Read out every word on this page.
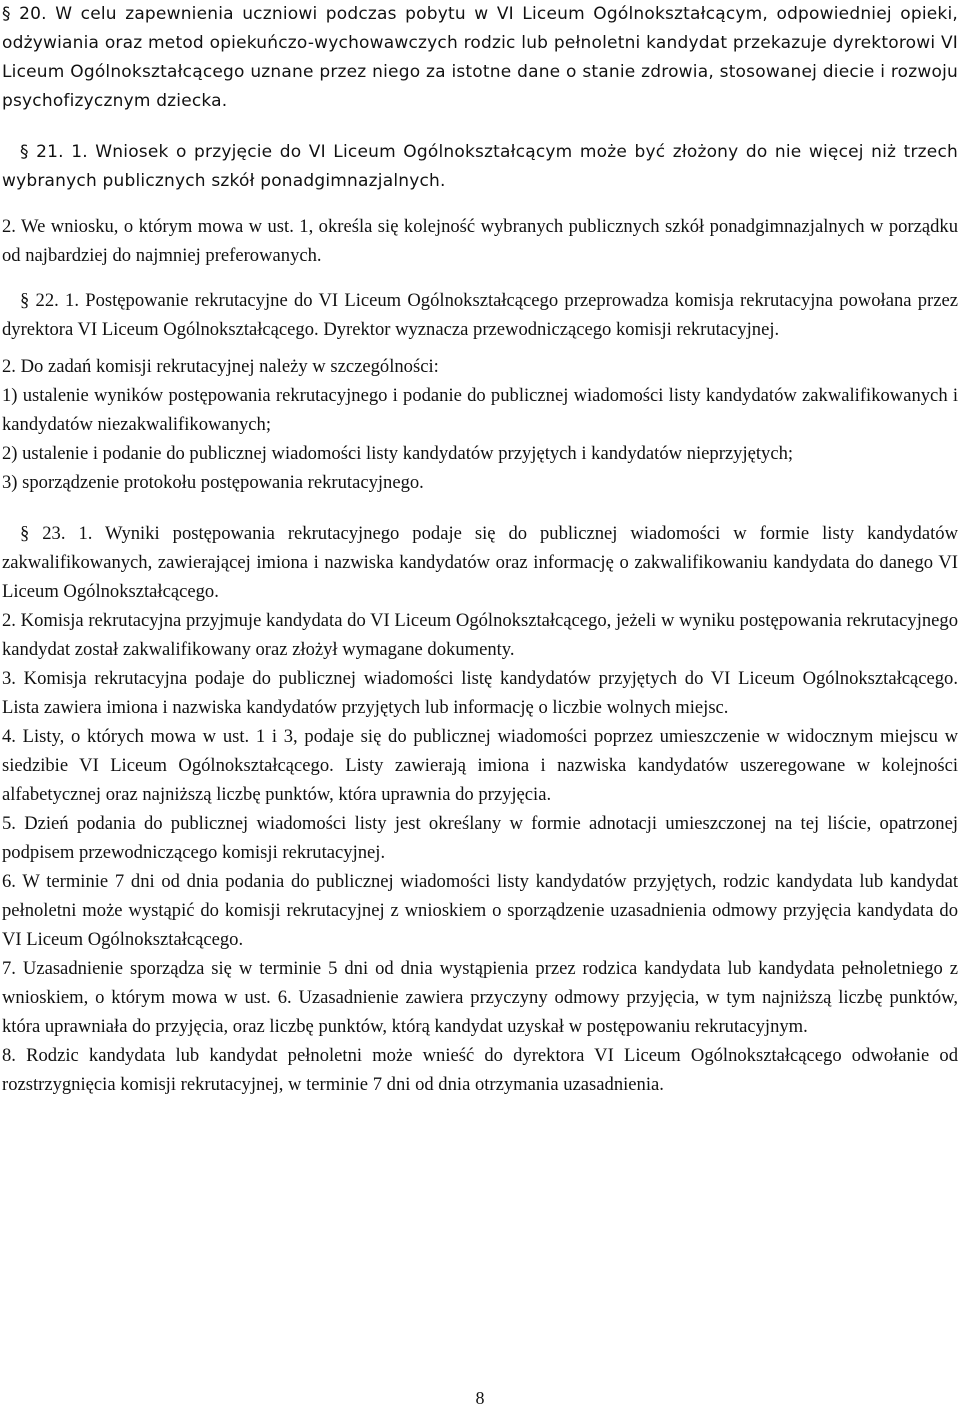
§ 20. W celu zapewnienia uczniowi podczas pobytu w VI Liceum Ogólnokształcącym, odpowiedniej opieki, odżywiania oraz metod opiekuńczo-wychowawczych rodzic lub pełnoletni kandydat przekazuje dyrektorowi VI Liceum Ogólnokształcącego uznane przez niego za istotne dane o stanie zdrowia, stosowanej diecie i rozwoju psychofizycznym dziecka.

§ 21. 1. Wniosek o przyjęcie do VI Liceum Ogólnokształcącym może być złożony do nie więcej niż trzech wybranych publicznych szkół ponadgimnazjalnych.

2. We wniosku, o którym mowa w ust. 1, określa się kolejność wybranych publicznych szkół ponadgimnazjalnych w porządku od najbardziej do najmniej preferowanych.

§ 22. 1. Postępowanie rekrutacyjne do VI Liceum Ogólnokształcącego przeprowadza komisja rekrutacyjna powołana przez dyrektora VI Liceum Ogólnokształcącego. Dyrektor wyznacza przewodniczącego komisji rekrutacyjnej.

2. Do zadań komisji rekrutacyjnej należy w szczególności:

1) ustalenie wyników postępowania rekrutacyjnego i podanie do publicznej wiadomości listy kandydatów zakwalifikowanych i kandydatów niezakwalifikowanych;

2) ustalenie i podanie do publicznej wiadomości listy kandydatów przyjętych i kandydatów nieprzyjętych;

3) sporządzenie protokołu postępowania rekrutacyjnego.

§ 23. 1. Wyniki postępowania rekrutacyjnego podaje się do publicznej wiadomości w formie listy kandydatów zakwalifikowanych, zawierającej imiona i nazwiska kandydatów oraz informację o zakwalifikowaniu kandydata do danego VI Liceum Ogólnokształcącego.

2. Komisja rekrutacyjna przyjmuje kandydata do VI Liceum Ogólnokształcącego, jeżeli w wyniku postępowania rekrutacyjnego kandydat został zakwalifikowany oraz złożył wymagane dokumenty.

3. Komisja rekrutacyjna podaje do publicznej wiadomości listę kandydatów przyjętych do VI Liceum Ogólnokształcącego. Lista zawiera imiona i nazwiska kandydatów przyjętych lub informację o liczbie wolnych miejsc.

4. Listy, o których mowa w ust. 1 i 3, podaje się do publicznej wiadomości poprzez umieszczenie w widocznym miejscu w siedzibie VI Liceum Ogólnokształcącego. Listy zawierają imiona i nazwiska kandydatów uszeregowane w kolejności alfabetycznej oraz najniższą liczbę punktów, która uprawnia do przyjęcia.

5. Dzień podania do publicznej wiadomości listy jest określany w formie adnotacji umieszczonej na tej liście, opatrzonej podpisem przewodniczącego komisji rekrutacyjnej.

6. W terminie 7 dni od dnia podania do publicznej wiadomości listy kandydatów przyjętych, rodzic kandydata lub kandydat pełnoletni może wystąpić do komisji rekrutacyjnej z wnioskiem o sporządzenie uzasadnienia odmowy przyjęcia kandydata do VI Liceum Ogólnokształcącego.

7. Uzasadnienie sporządza się w terminie 5 dni od dnia wystąpienia przez rodzica kandydata lub kandydata pełnoletniego z wnioskiem, o którym mowa w ust. 6. Uzasadnienie zawiera przyczyny odmowy przyjęcia, w tym najniższą liczbę punktów, która uprawniała do przyjęcia, oraz liczbę punktów, którą kandydat uzyskał w postępowaniu rekrutacyjnym.

8. Rodzic kandydata lub kandydat pełnoletni może wnieść do dyrektora VI Liceum Ogólnokształcącego odwołanie od rozstrzygnięcia komisji rekrutacyjnej, w terminie 7 dni od dnia otrzymania uzasadnienia.

8
